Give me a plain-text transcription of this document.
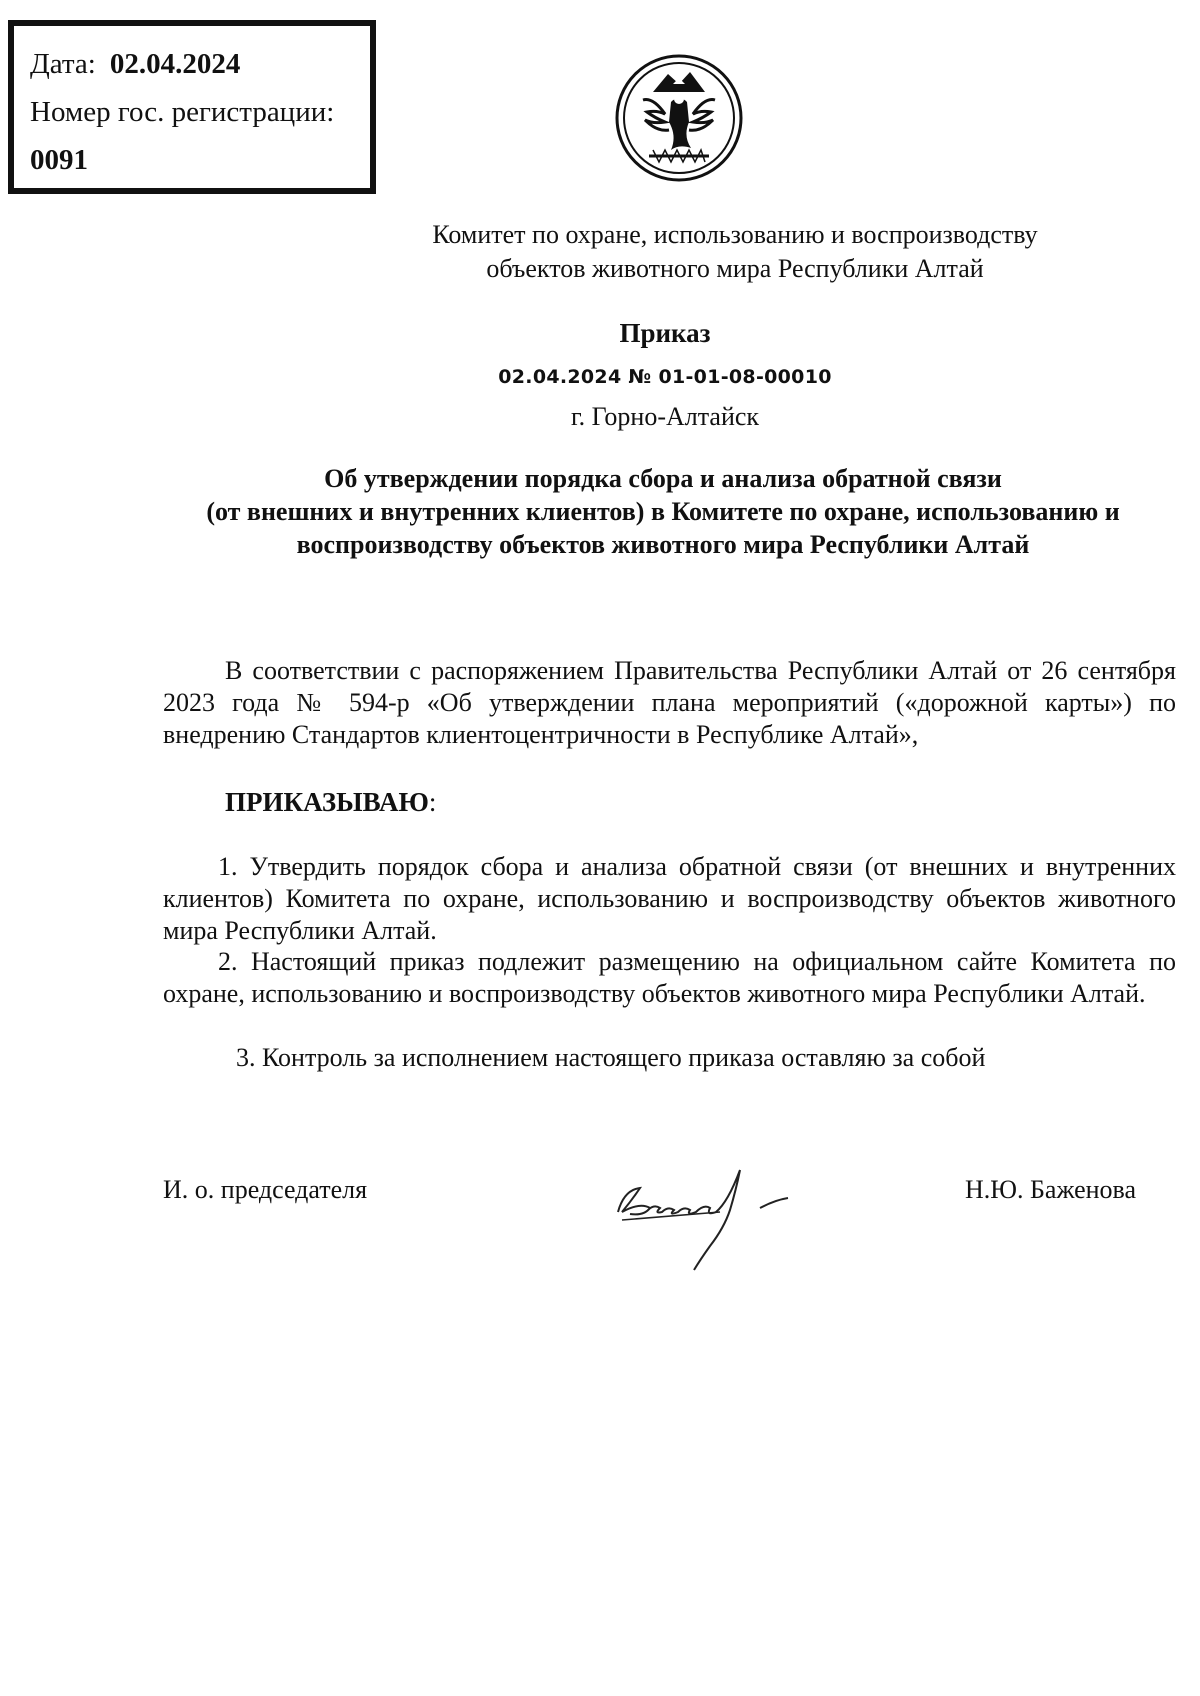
Дата: 02.04.2024
Номер гос. регистрации:
0091
Комитет по охране, использованию и воспроизводству
объектов животного мира Республики Алтай
Приказ
02.04.2024 № 01-01-08-00010
г. Горно-Алтайск
Об утверждении порядка сбора и анализа обратной связи
(от внешних и внутренних клиентов) в Комитете по охране, использованию и
воспроизводству объектов животного мира Республики Алтай
В соответствии с распоряжением Правительства Республики Алтай от 26 сентября 2023 года № 594-р «Об утверждении плана мероприятий («дорожной карты») по внедрению Стандартов клиентоцентричности в Республике Алтай»,
ПРИКАЗЫВАЮ:
1. Утвердить порядок сбора и анализа обратной связи (от внешних и внутренних клиентов) Комитета по охране, использованию и воспроизводству объектов животного мира Республики Алтай.
2. Настоящий приказ подлежит размещению на официальном сайте Комитета по охране, использованию и воспроизводству объектов животного мира Республики Алтай.
3. Контроль за исполнением настоящего приказа оставляю за собой
И. о. председателя	Н.Ю. Баженова
